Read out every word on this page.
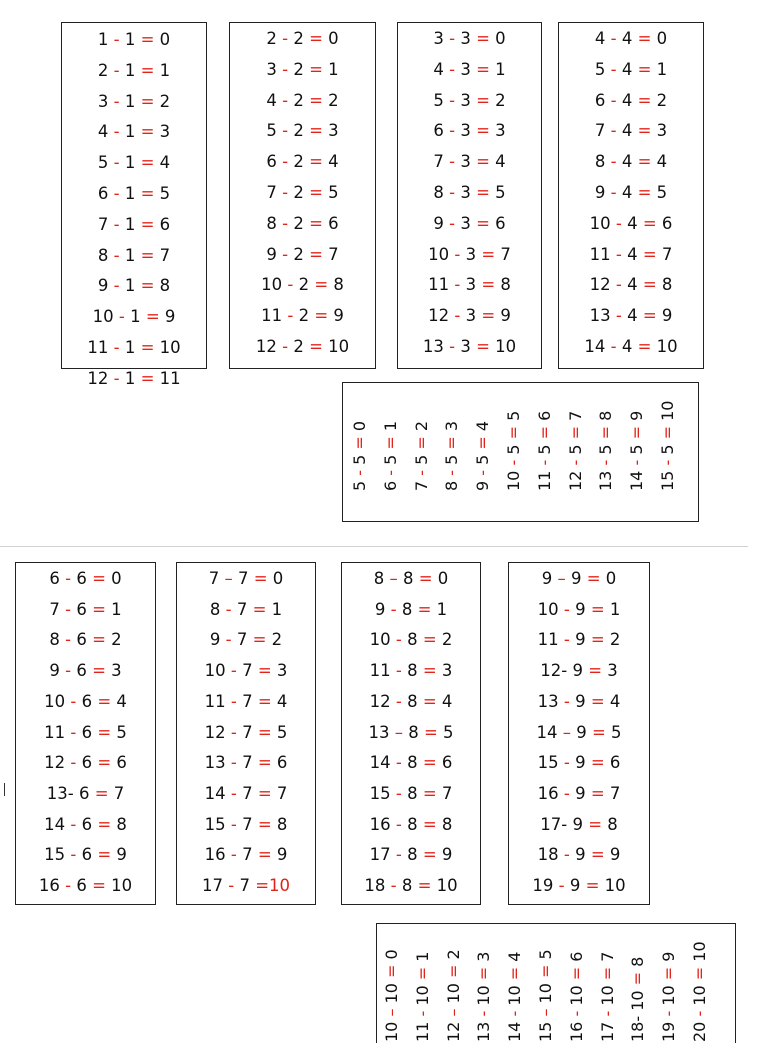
1 - 1 = 0
2 - 1 = 1
3 - 1 = 2
4 - 1 = 3
5 - 1 = 4
6 - 1 = 5
7 - 1 = 6
8 - 1 = 7
9 - 1 = 8
10 - 1 = 9
11 - 1 = 10
12 - 1 = 11
2 - 2 = 0
3 - 2 = 1
4 - 2 = 2
5 - 2 = 3
6 - 2 = 4
7 - 2 = 5
8 - 2 = 6
9 - 2 = 7
10 - 2 = 8
11 - 2 = 9
12 - 2 = 10
3 - 3 = 0
4 - 3 = 1
5 - 3 = 2
6 - 3 = 3
7 - 3 = 4
8 - 3 = 5
9 - 3 = 6
10 - 3 = 7
11 - 3 = 8
12 - 3 = 9
13 - 3 = 10
4 - 4 = 0
5 - 4 = 1
6 - 4 = 2
7 - 4 = 3
8 - 4 = 4
9 - 4 = 5
10 - 4 = 6
11 - 4 = 7
12 - 4 = 8
13 - 4 = 9
14 - 4 = 10
5 - 5 = 0
6 - 5 = 1
7 - 5 = 2
8 - 5 = 3
9 - 5 = 4
10 - 5 = 5
11 - 5 = 6
12 - 5 = 7
13 - 5 = 8
14 - 5 = 9
15 - 5 = 10
6 - 6 = 0
7 - 6 = 1
8 - 6 = 2
9 - 6 = 3
10 - 6 = 4
11 - 6 = 5
12 - 6 = 6
13- 6 = 7
14 - 6 = 8
15 - 6 = 9
16 - 6 = 10
7 – 7 = 0
8 - 7 = 1
9 - 7 = 2
10 - 7 = 3
11 - 7 = 4
12 - 7 = 5
13 - 7 = 6
14 - 7 = 7
15 - 7 = 8
16 - 7 = 9
17 - 7 =10
8 – 8 = 0
9 - 8 = 1
10 - 8 = 2
11 - 8 = 3
12 - 8 = 4
13 – 8 = 5
14 - 8 = 6
15 - 8 = 7
16 - 8 = 8
17 - 8 = 9
18 - 8 = 10
9 – 9 = 0
10 - 9 = 1
11 - 9 = 2
12- 9 = 3
13 - 9 = 4
14 – 9 = 5
15 - 9 = 6
16 - 9 = 7
17- 9 = 8
18 - 9 = 9
19 - 9 = 10
10 – 10 = 0
11 - 10 = 1
12 – 10 = 2
13 - 10 = 3
14 - 10 = 4
15 – 10 = 5
16 - 10 = 6
17 - 10 = 7
18- 10 = 8
19 - 10 = 9
20 - 10 = 10
